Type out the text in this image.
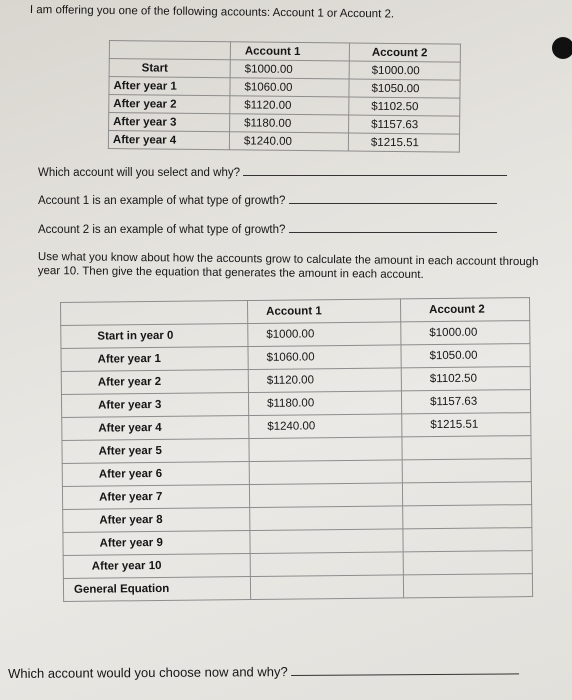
I am offering you one of the following accounts: Account 1 or Account 2.
	Account 1	Account 2
Start	$1000.00	$1000.00
After year 1	$1060.00	$1050.00
After year 2	$1120.00	$1102.50
After year 3	$1180.00	$1157.63
After year 4	$1240.00	$1215.51
Which account will you select and why?
Account 1 is an example of what type of growth?
Account 2 is an example of what type of growth?
Use what you know about how the accounts grow to calculate the amount in each account through year 10. Then give the equation that generates the amount in each account.
	Account 1	Account 2
Start in year 0	$1000.00	$1000.00
After year 1	$1060.00	$1050.00
After year 2	$1120.00	$1102.50
After year 3	$1180.00	$1157.63
After year 4	$1240.00	$1215.51
After year 5		
After year 6		
After year 7		
After year 8		
After year 9		
After year 10		
General Equation		
Which account would you choose now and why?
